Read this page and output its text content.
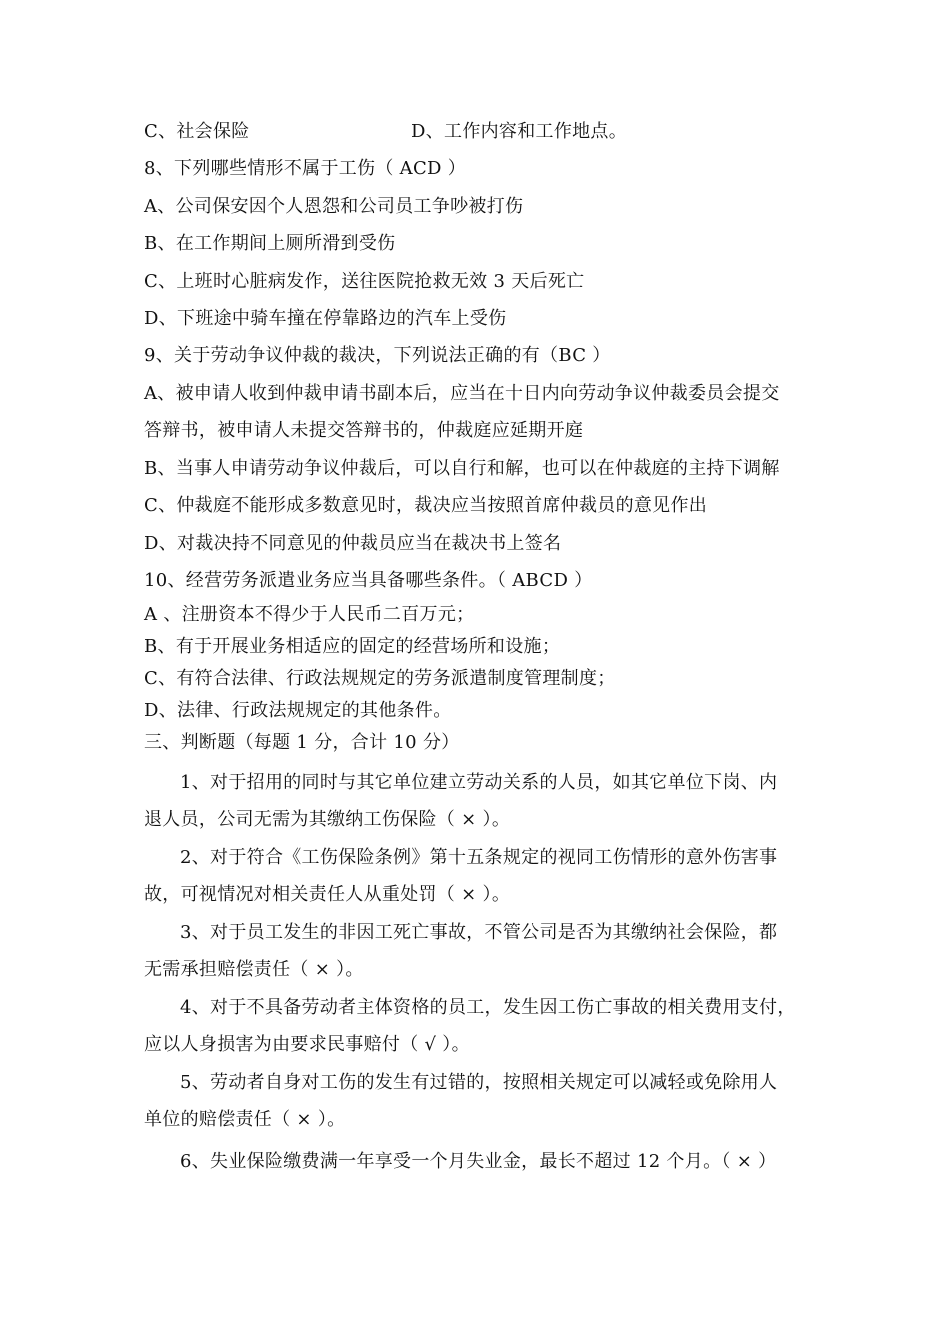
C、社会保险	D、工作内容和工作地点。
8、下列哪些情形不属于工伤（ ACD ）
A、公司保安因个人恩怨和公司员工争吵被打伤
B、在工作期间上厕所滑到受伤
C、上班时心脏病发作，送往医院抢救无效 3 天后死亡
D、下班途中骑车撞在停靠路边的汽车上受伤
9、关于劳动争议仲裁的裁决，下列说法正确的有（BC ）
A、被申请人收到仲裁申请书副本后，应当在十日内向劳动争议仲裁委员会提交
答辩书，被申请人未提交答辩书的，仲裁庭应延期开庭
B、当事人申请劳动争议仲裁后，可以自行和解，也可以在仲裁庭的主持下调解
C、仲裁庭不能形成多数意见时，裁决应当按照首席仲裁员的意见作出
D、对裁决持不同意见的仲裁员应当在裁决书上签名
10、经营劳务派遣业务应当具备哪些条件。（ ABCD ）
A 、注册资本不得少于人民币二百万元；
B、有于开展业务相适应的固定的经营场所和设施；
C、有符合法律、行政法规规定的劳务派遣制度管理制度；
D、法律、行政法规规定的其他条件。
三、判断题（每题 1 分，合计 10 分）
1、对于招用的同时与其它单位建立劳动关系的人员，如其它单位下岗、内
退人员，公司无需为其缴纳工伤保险（ × ）。
2、对于符合《工伤保险条例》第十五条规定的视同工伤情形的意外伤害事
故，可视情况对相关责任人从重处罚（ × ）。
3、对于员工发生的非因工死亡事故，不管公司是否为其缴纳社会保险，都
无需承担赔偿责任（ × ）。
4、对于不具备劳动者主体资格的员工，发生因工伤亡事故的相关费用支付，
应以人身损害为由要求民事赔付（ √ ）。
5、劳动者自身对工伤的发生有过错的，按照相关规定可以减轻或免除用人
单位的赔偿责任（ × ）。
6、失业保险缴费满一年享受一个月失业金，最长不超过 12 个月。（ × ）
